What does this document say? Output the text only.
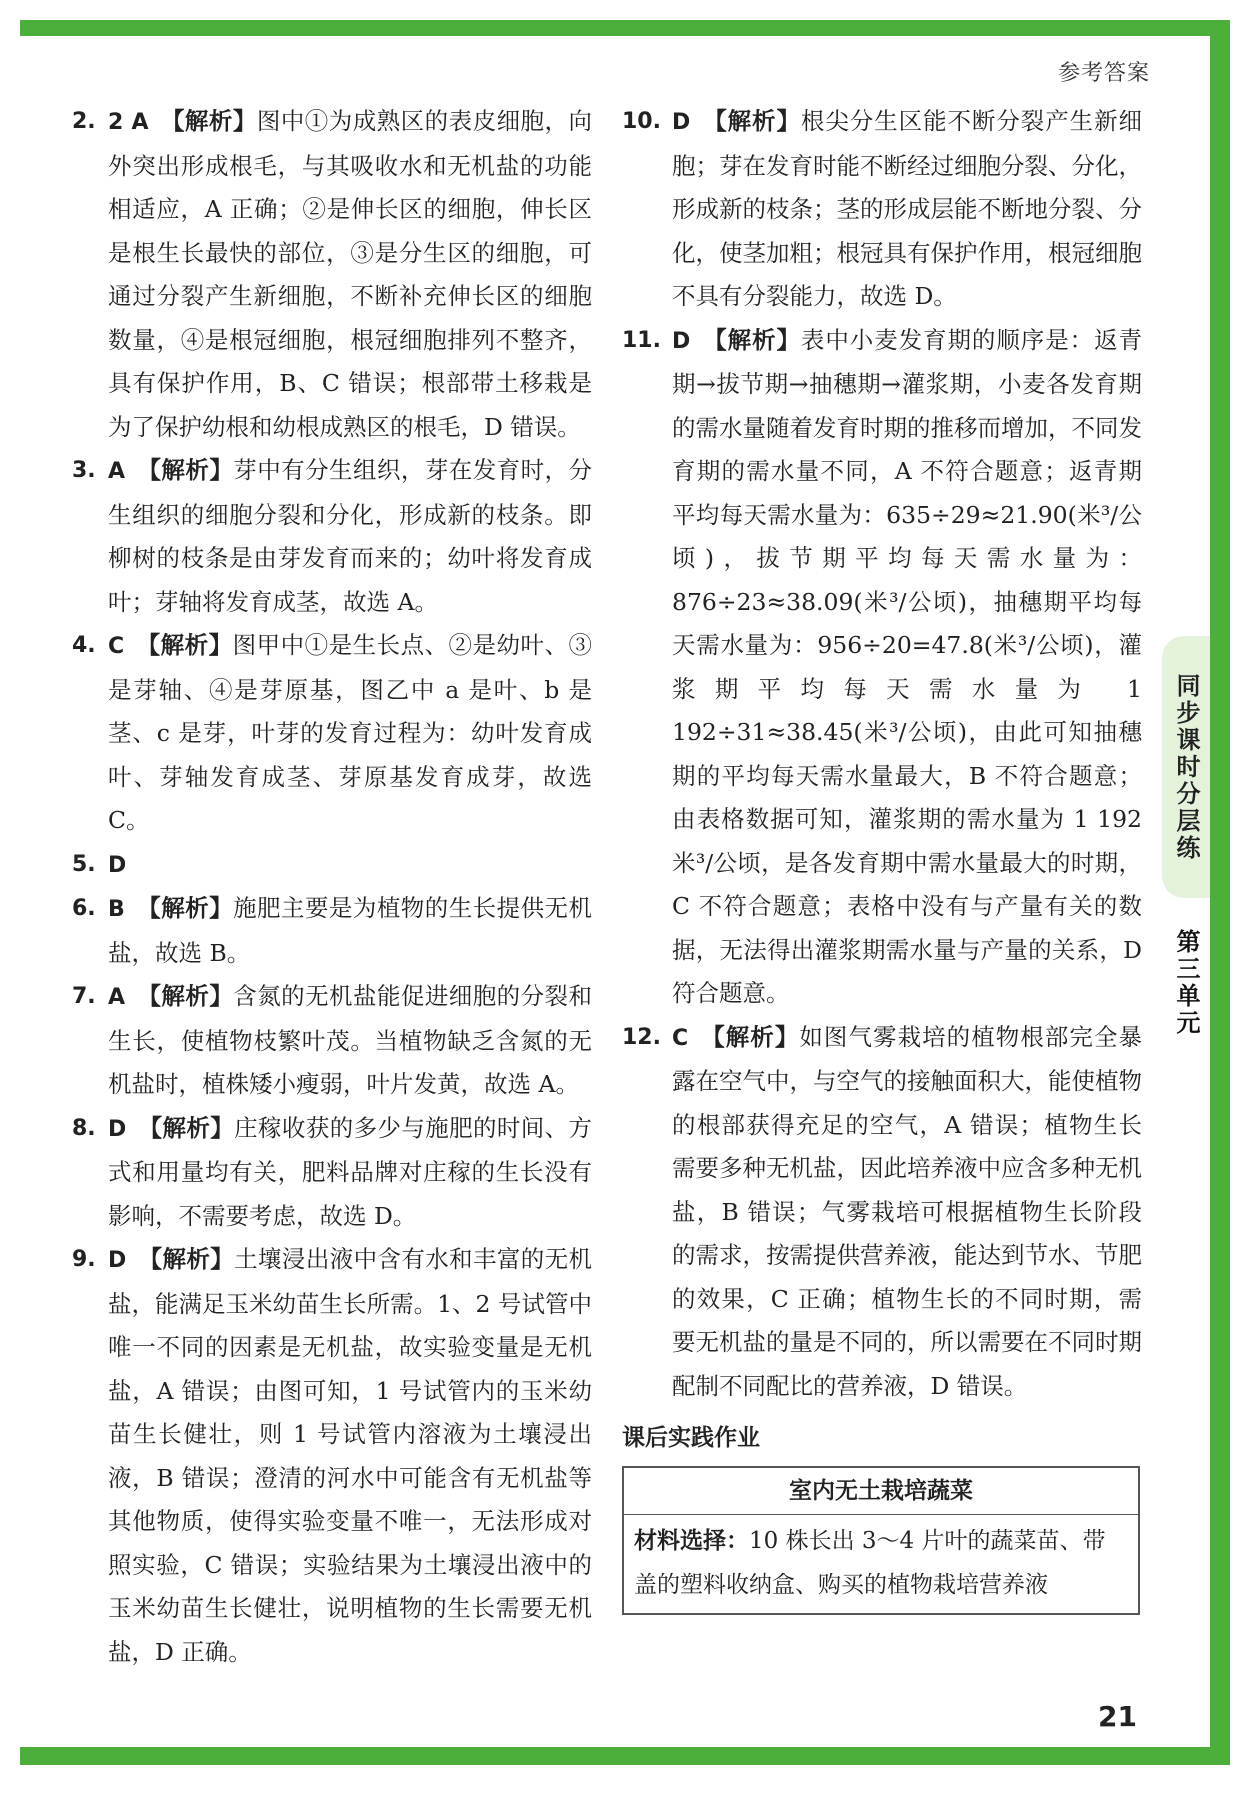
参考答案
2. 2 A 【解析】图中①为成熟区的表皮细胞，向外突出形成根毛，与其吸收水和无机盐的功能相适应，A 正确；②是伸长区的细胞，伸长区是根生长最快的部位，③是分生区的细胞，可通过分裂产生新细胞，不断补充伸长区的细胞数量，④是根冠细胞，根冠细胞排列不整齐，具有保护作用，B、C 错误；根部带土移栽是为了保护幼根和幼根成熟区的根毛，D 错误。
3. A 【解析】芽中有分生组织，芽在发育时，分生组织的细胞分裂和分化，形成新的枝条。即柳树的枝条是由芽发育而来的；幼叶将发育成叶；芽轴将发育成茎，故选 A。
4. C 【解析】图甲中①是生长点、②是幼叶、③是芽轴、④是芽原基，图乙中 a 是叶、b 是茎、c 是芽，叶芽的发育过程为：幼叶发育成叶、芽轴发育成茎、芽原基发育成芽，故选 C。
5. D
6. B 【解析】施肥主要是为植物的生长提供无机盐，故选 B。
7. A 【解析】含氮的无机盐能促进细胞的分裂和生长，使植物枝繁叶茂。当植物缺乏含氮的无机盐时，植株矮小瘦弱，叶片发黄，故选 A。
8. D 【解析】庄稼收获的多少与施肥的时间、方式和用量均有关，肥料品牌对庄稼的生长没有影响，不需要考虑，故选 D。
9. D 【解析】土壤浸出液中含有水和丰富的无机盐，能满足玉米幼苗生长所需。1、2 号试管中唯一不同的因素是无机盐，故实验变量是无机盐，A 错误；由图可知，1 号试管内的玉米幼苗生长健壮，则 1 号试管内溶液为土壤浸出液，B 错误；澄清的河水中可能含有无机盐等其他物质，使得实验变量不唯一，无法形成对照实验，C 错误；实验结果为土壤浸出液中的玉米幼苗生长健壮，说明植物的生长需要无机盐，D 正确。
10. D 【解析】根尖分生区能不断分裂产生新细胞；芽在发育时能不断经过细胞分裂、分化，形成新的枝条；茎的形成层能不断地分裂、分化，使茎加粗；根冠具有保护作用，根冠细胞不具有分裂能力，故选 D。
11. D 【解析】表中小麦发育期的顺序是：返青期→拔节期→抽穗期→灌浆期，小麦各发育期的需水量随着发育时期的推移而增加，不同发育期的需水量不同，A 不符合题意；返青期平均每天需水量为：635÷29≈21.90(米³/公顷)，拔节期平均每天需水量为：876÷23≈38.09(米³/公顷)，抽穗期平均每天需水量为：956÷20=47.8(米³/公顷)，灌浆期平均每天需水量为 1 192÷31≈38.45(米³/公顷)，由此可知抽穗期的平均每天需水量最大，B 不符合题意；由表格数据可知，灌浆期的需水量为 1 192 米³/公顷，是各发育期中需水量最大的时期，C 不符合题意；表格中没有与产量有关的数据，无法得出灌浆期需水量与产量的关系，D 符合题意。
12. C 【解析】如图气雾栽培的植物根部完全暴露在空气中，与空气的接触面积大，能使植物的根部获得充足的空气，A 错误；植物生长需要多种无机盐，因此培养液中应含多种无机盐，B 错误；气雾栽培可根据植物生长阶段的需求，按需提供营养液，能达到节水、节肥的效果，C 正确；植物生长的不同时期，需要无机盐的量是不同的，所以需要在不同时期配制不同配比的营养液，D 错误。
课后实践作业
室内无土栽培蔬菜
材料选择：10 株长出 3～4 片叶的蔬菜苗、带盖的塑料收纳盒、购买的植物栽培营养液
同步课时分层练
第三单元
21
